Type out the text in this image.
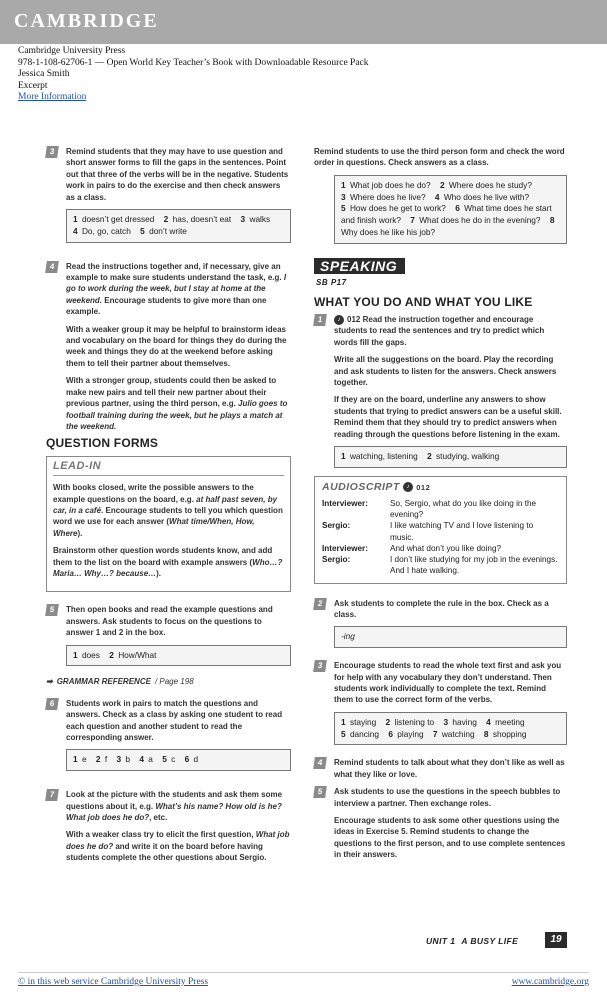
CAMBRIDGE
Cambridge University Press
978-1-108-62706-1 — Open World Key Teacher’s Book with Downloadable Resource Pack
Jessica Smith
Excerpt
More Information
3	Remind students that they may have to use question and short answer forms to fill the gaps in the sentences. Point out that three of the verbs will be in the negative. Students work in pairs to do the exercise and then check answers as a class.

1 doesn’t get dressed 2 has, doesn’t eat 3 walks
4 Do, go, catch 5 don’t write
4	Read the instructions together and, if necessary, give an example to make sure students understand the task, e.g. I go to work during the week, but I stay at home at the weekend. Encourage students to give more than one example.

With a weaker group it may be helpful to brainstorm ideas and vocabulary on the board for things they do during the week and things they do at the weekend before asking them to tell their partner about themselves.

With a stronger group, students could then be asked to make new pairs and tell their new partner about their previous partner, using the third person, e.g. Julio goes to football training during the week, but he plays a match at the weekend.

QUESTION FORMS
LEAD-IN

With books closed, write the possible answers to the example questions on the board, e.g. at half past seven, by car, in a café. Encourage students to tell you which question word we use for each answer (What time/When, How, Where).

Brainstorm other question words students know, and add them to the list on the board with example answers (Who…? Maria… Why…? because…).

5	Then open books and read the example questions and answers. Ask students to focus on the questions to answer 1 and 2 in the box.

1 does 2 How/What
➡ GRAMMAR REFERENCE / Page 198
6	Students work in pairs to match the questions and answers. Check as a class by asking one student to read each question and another student to read the corresponding answer.

1 e 2 f 3 b 4 a 5 c 6 d
7	Look at the picture with the students and ask them some questions about it, e.g. What’s his name? How old is he? What job does he do?, etc.

With a weaker class try to elicit the first question, What job does he do? and write it on the board before having students complete the other questions about Sergio.

Remind students to use the third person form and check the word order in questions. Check answers as a class.

1 What job does he do? 2 Where does he study?
3 Where does he live? 4 Who does he live with?
5 How does he get to work? 6 What time does he start and finish work? 7 What does he do in the evening? 8 Why does he like his job?
SPEAKING
SB P17
WHAT YOU DO AND WHAT YOU LIKE
1	♪ 012 Read the instruction together and encourage students to read the sentences and try to predict which words fill the gaps.

Write all the suggestions on the board. Play the recording and ask students to listen for the answers. Check answers together.

If they are on the board, underline any answers to show students that trying to predict answers can be a useful skill. Remind them that they should try to predict answers when reading through the questions before listening in the exam.

1 watching, listening 2 studying, walking
AUDIOSCRIPT ♪ 012
Interviewer:	So, Sergio, what do you like doing in the evening?
Sergio:	I like watching TV and I love listening to music.
Interviewer:	And what don’t you like doing?
Sergio:	I don’t like studying for my job in the evenings. And I hate walking.
2	Ask students to complete the rule in the box. Check as a class.

-ing
3	Encourage students to read the whole text first and ask you for help with any vocabulary they don’t understand. Then students work individually to complete the text. Remind them to use the correct form of the verbs.

1 staying 2 listening to 3 having 4 meeting
5 dancing 6 playing 7 watching 8 shopping
4	Remind students to talk about what they don’t like as well as what they like or love.

5	Ask students to use the questions in the speech bubbles to interview a partner. Then exchange roles.

Encourage students to ask some other questions using the ideas in Exercise 5. Remind students to change the questions to the first person, and to use complete sentences in their answers.

UNIT 1 A BUSY LIFE	19
© in this web service Cambridge University Press	www.cambridge.org
